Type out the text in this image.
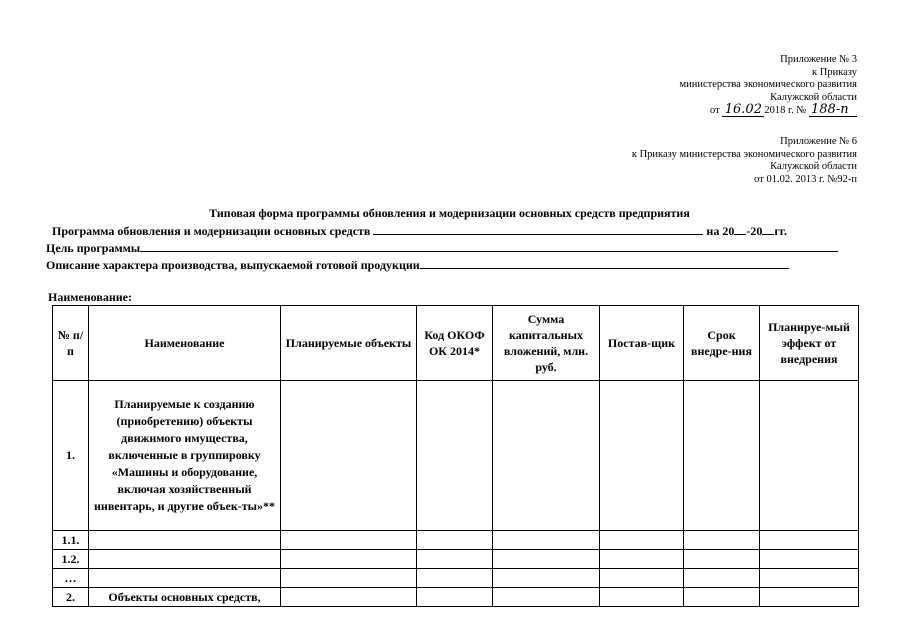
Приложение № 3
к Приказу
министерства экономического развития
Калужской области
от 16.02 2018 г. № 188-п
Приложение № 6
к Приказу министерства экономического развития
Калужской области
от 01.02. 2013 г. №92-п
Типовая форма программы обновления и модернизации основных средств предприятия
Программа обновления и модернизации основных средств	на 20 -20 гг.
Цель программы
Описание характера производства, выпускаемой готовой продукции
Наименование:
№ п/п	Наименование	Планируемые объекты	Код ОКОФ ОК 2014*	Сумма капитальных вложений, млн. руб.	Постав-щик	Срок внедре-ния	Планируе-мый эффект от внедрения
1.	Планируемые к созданию (приобретению) объекты движимого имущества, включенные в группировку «Машины и оборудование, включая хозяйственный инвентарь, и другие объек-ты»**						
1.1.							
1.2.							
…							
2.	Объекты основных средств,						
